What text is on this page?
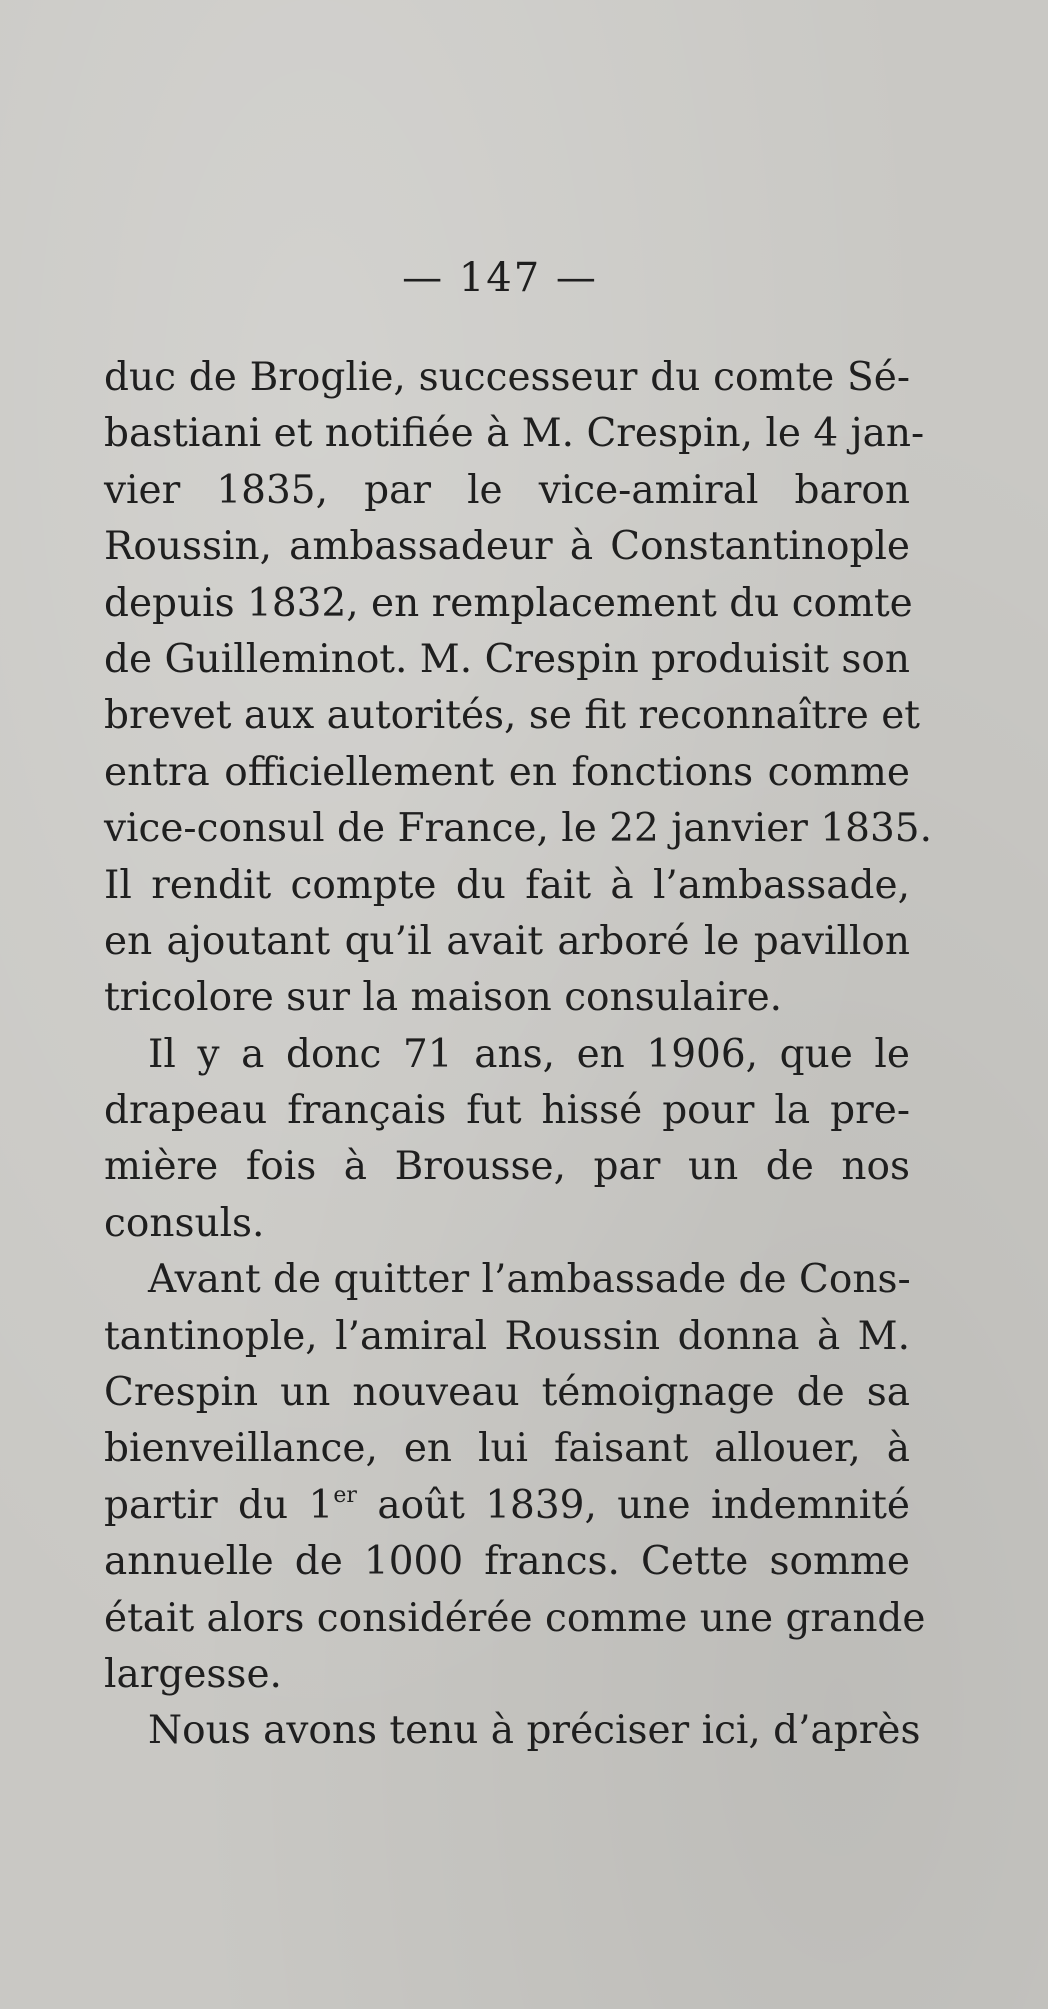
— 147 —
duc de Broglie, successeur du comte Sé-
bastiani et notifiée à M. Crespin, le 4 jan-
vier 1835, par le vice-amiral baron
Roussin, ambassadeur à Constantinople
depuis 1832, en remplacement du comte
de Guilleminot. M. Crespin produisit son
brevet aux autorités, se fit reconnaître et
entra officiellement en fonctions comme
vice-consul de France, le 22 janvier 1835.
Il rendit compte du fait à l’ambassade,
en ajoutant qu’il avait arboré le pavillon
tricolore sur la maison consulaire.
Il y a donc 71 ans, en 1906, que le
drapeau français fut hissé pour la pre-
mière fois à Brousse, par un de nos
consuls.
Avant de quitter l’ambassade de Cons-
tantinople, l’amiral Roussin donna à M.
Crespin un nouveau témoignage de sa
bienveillance, en lui faisant allouer, à
partir du 1er août 1839, une indemnité
annuelle de 1000 francs. Cette somme
était alors considérée comme une grande
largesse.
Nous avons tenu à préciser ici, d’après
